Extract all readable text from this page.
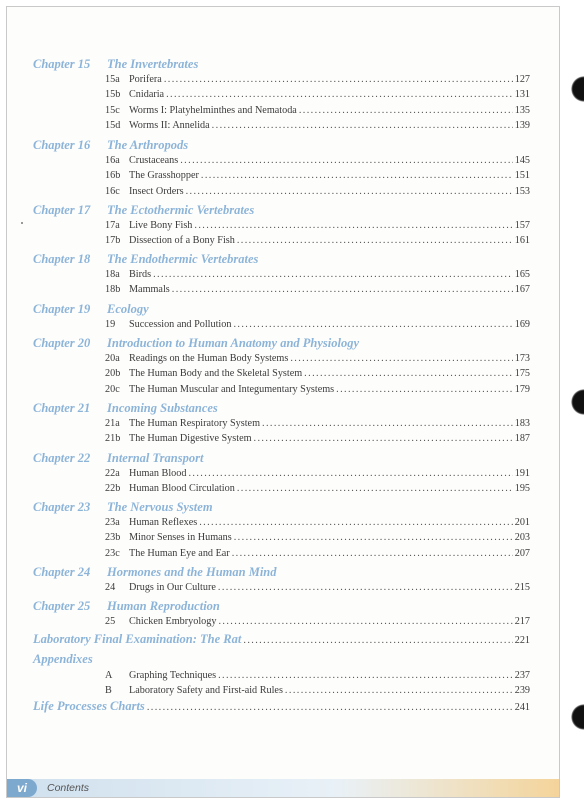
Chapter 15 The Invertebrates
15a Porifera .....	127
15b Cnidaria .....	131
15c Worms I: Platyhelminthes and Nematoda .....	135
15d Worms II: Annelida .....	139
Chapter 16 The Arthropods
16a Crustaceans .....	145
16b The Grasshopper .....	151
16c Insect Orders .....	153
Chapter 17 The Ectothermic Vertebrates
17a Live Bony Fish .....	157
17b Dissection of a Bony Fish .....	161
Chapter 18 The Endothermic Vertebrates
18a Birds .....	165
18b Mammals .....	167
Chapter 19 Ecology
19	Succession and Pollution .....	169
Chapter 20 Introduction to Human Anatomy and Physiology
20a Readings on the Human Body Systems .....	173
20b The Human Body and the Skeletal System .....	175
20c The Human Muscular and Integumentary Systems .....	179
Chapter 21 Incoming Substances
21a The Human Respiratory System .....	183
21b The Human Digestive System .....	187
Chapter 22 Internal Transport
22a Human Blood .....	191
22b Human Blood Circulation .....	195
Chapter 23 The Nervous System
23a Human Reflexes .....	201
23b Minor Senses in Humans .....	203
23c The Human Eye and Ear .....	207
Chapter 24 Hormones and the Human Mind
24	Drugs in Our Culture .....	215
Chapter 25 Human Reproduction
25	Chicken Embryology .....	217
Laboratory Final Examination: The Rat .....	221
Appendixes
A	Graphing Techniques .....	237
B	Laboratory Safety and First-aid Rules .....	239
Life Processes Charts .....	241
vi	Contents
